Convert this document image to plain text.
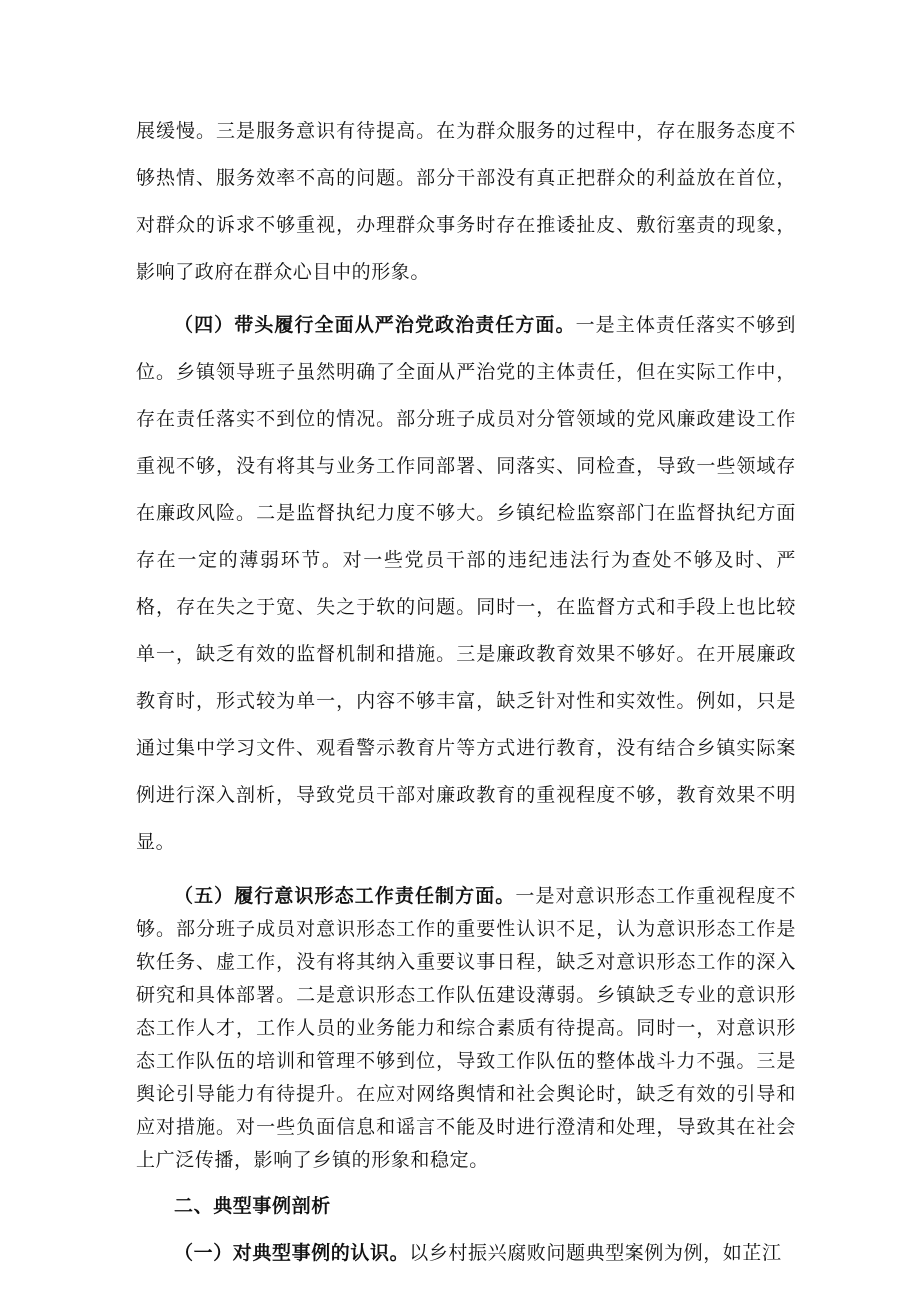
展缓慢。三是服务意识有待提高。在为群众服务的过程中，存在服务态度不够热情、服务效率不高的问题。部分干部没有真正把群众的利益放在首位，对群众的诉求不够重视，办理群众事务时存在推诿扯皮、敷衍塞责的现象，影响了政府在群众心目中的形象。

（四）带头履行全面从严治党政治责任方面。一是主体责任落实不够到位。乡镇领导班子虽然明确了全面从严治党的主体责任，但在实际工作中，存在责任落实不到位的情况。部分班子成员对分管领域的党风廉政建设工作重视不够，没有将其与业务工作同部署、同落实、同检查，导致一些领域存在廉政风险。二是监督执纪力度不够大。乡镇纪检监察部门在监督执纪方面存在一定的薄弱环节。对一些党员干部的违纪违法行为查处不够及时、严格，存在失之于宽、失之于软的问题。同时一，在监督方式和手段上也比较单一，缺乏有效的监督机制和措施。三是廉政教育效果不够好。在开展廉政教育时，形式较为单一，内容不够丰富，缺乏针对性和实效性。例如，只是通过集中学习文件、观看警示教育片等方式进行教育，没有结合乡镇实际案例进行深入剖析，导致党员干部对廉政教育的重视程度不够，教育效果不明显。

（五）履行意识形态工作责任制方面。一是对意识形态工作重视程度不够。部分班子成员对意识形态工作的重要性认识不足，认为意识形态工作是软任务、虚工作，没有将其纳入重要议事日程，缺乏对意识形态工作的深入研究和具体部署。二是意识形态工作队伍建设薄弱。乡镇缺乏专业的意识形态工作人才，工作人员的业务能力和综合素质有待提高。同时一，对意识形态工作队伍的培训和管理不够到位，导致工作队伍的整体战斗力不强。三是舆论引导能力有待提升。在应对网络舆情和社会舆论时，缺乏有效的引导和应对措施。对一些负面信息和谣言不能及时进行澄清和处理，导致其在社会上广泛传播，影响了乡镇的形象和稳定。

二、典型事例剖析

（一）对典型事例的认识。以乡村振兴腐败问题典型案例为例，如芷江
